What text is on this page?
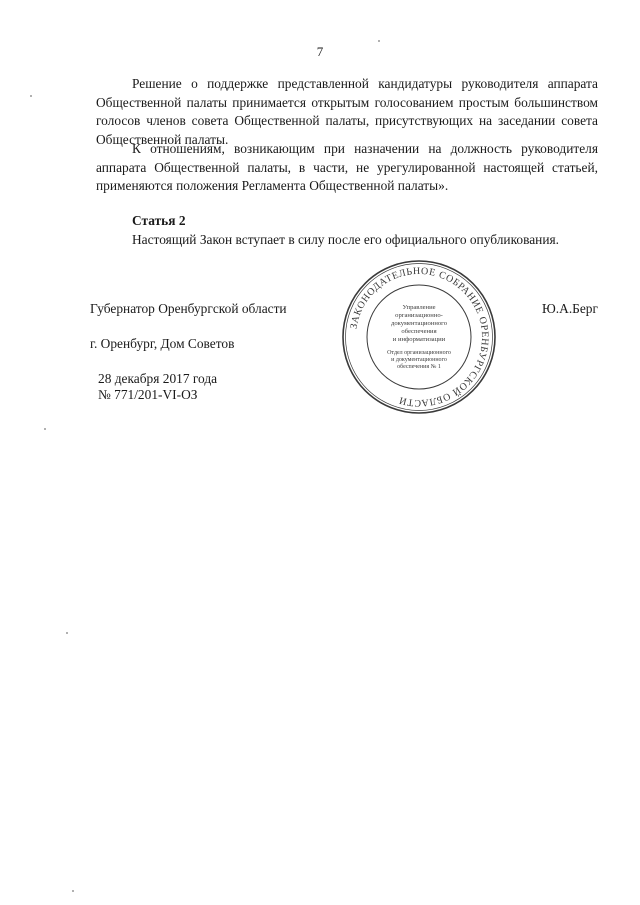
7

Решение о поддержке представленной кандидатуры руководителя аппарата Общественной палаты принимается открытым голосованием простым большинством голосов членов совета Общественной палаты, присутствующих на заседании совета Общественной палаты.

К отношениям, возникающим при назначении на должность руководителя аппарата Общественной палаты, в части, не урегулированной настоящей статьей, применяются положения Регламента Общественной палаты».

Статья 2

Настоящий Закон вступает в силу после его официального опубликования.

Губернатор Оренбургской области	Ю.А.Берг
г. Оренбург, Дом Советов
28 декабря 2017 года
№ 771/201-VI-ОЗ
ЗАКОНОДАТЕЛЬНОЕ СОБРАНИЕ ОРЕНБУРГСКОЙ ОБЛАСТИ
Управление
организационно-
документационного
обеспечения
и информатизации
Отдел организационного
и документационного
обеспечения № 1
